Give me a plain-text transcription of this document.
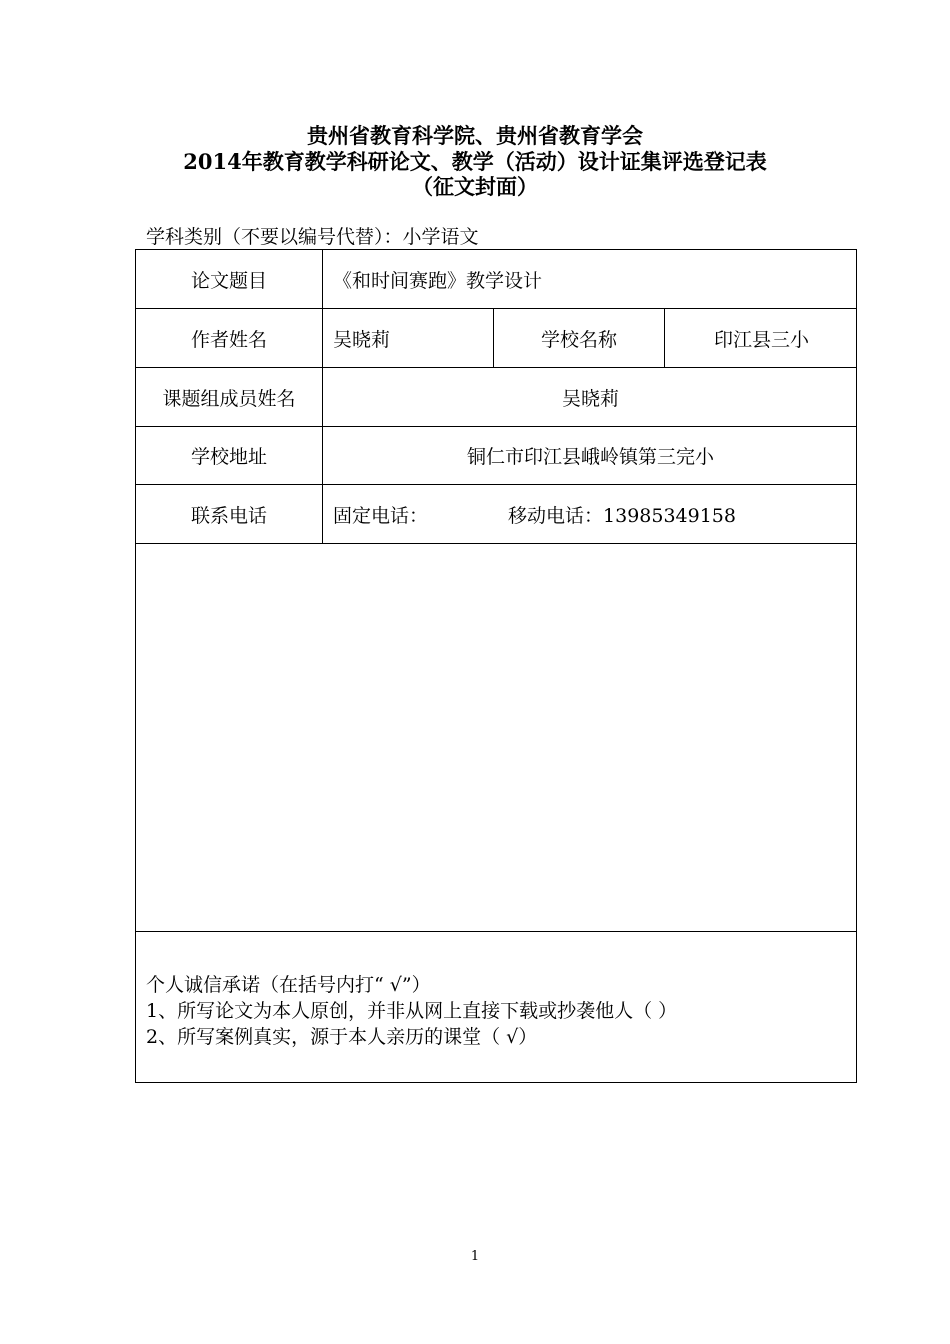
贵州省教育科学院、贵州省教育学会
2014年教育教学科研论文、教学（活动）设计证集评选登记表
（征文封面）
学科类别（不要以编号代替）：小学语文
论文题目	《和时间赛跑》教学设计
作者姓名	吴晓莉	学校名称	印江县三小
课题组成员姓名	吴晓莉
学校地址	铜仁市印江县峨岭镇第三完小
联系电话	固定电话：	移动电话：13985349158
个人诚信承诺（在括号内打“ √”）
1、所写论文为本人原创，并非从网上直接下载或抄袭他人（ ）
2、所写案例真实，源于本人亲历的课堂（ √）
1
